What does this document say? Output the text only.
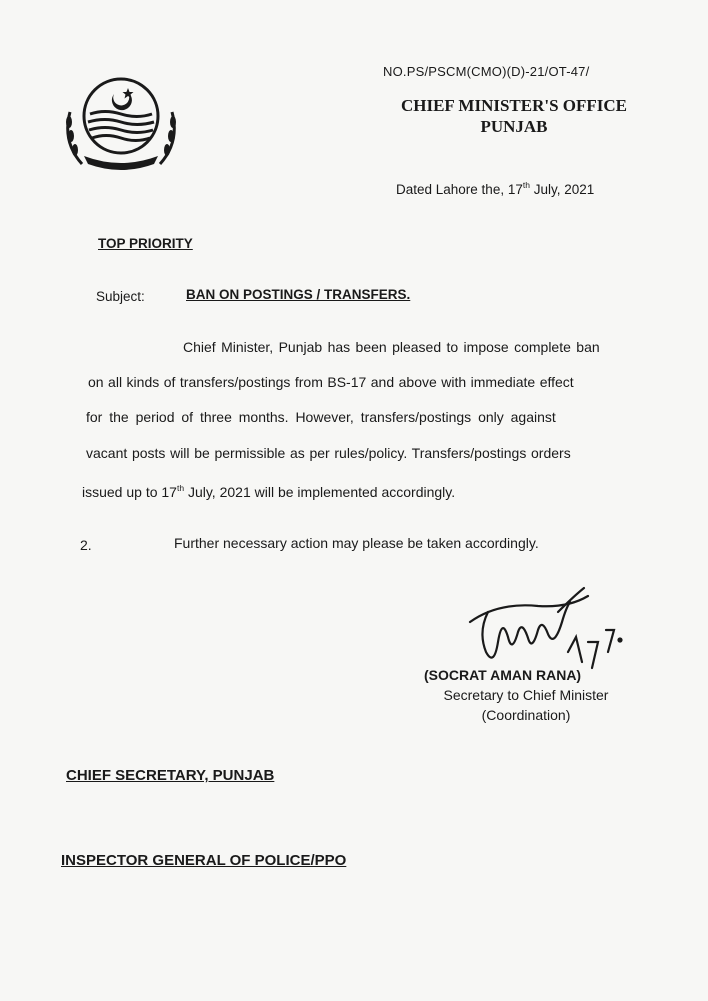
NO.PS/PSCM(CMO)(D)-21/OT-47/
CHIEF MINISTER'S OFFICE
PUNJAB
Dated Lahore the, 17th July, 2021
TOP PRIORITY
Subject:	BAN ON POSTINGS / TRANSFERS.
Chief Minister, Punjab has been pleased to impose complete ban
on all kinds of transfers/postings from BS-17 and above with immediate effect
for the period of three months. However, transfers/postings only against
vacant posts will be permissible as per rules/policy. Transfers/postings orders
issued up to 17th July, 2021 will be implemented accordingly.
2.	Further necessary action may please be taken accordingly.
(SOCRAT AMAN RANA)
Secretary to Chief Minister
(Coordination)
CHIEF SECRETARY, PUNJAB
INSPECTOR GENERAL OF POLICE/PPO
